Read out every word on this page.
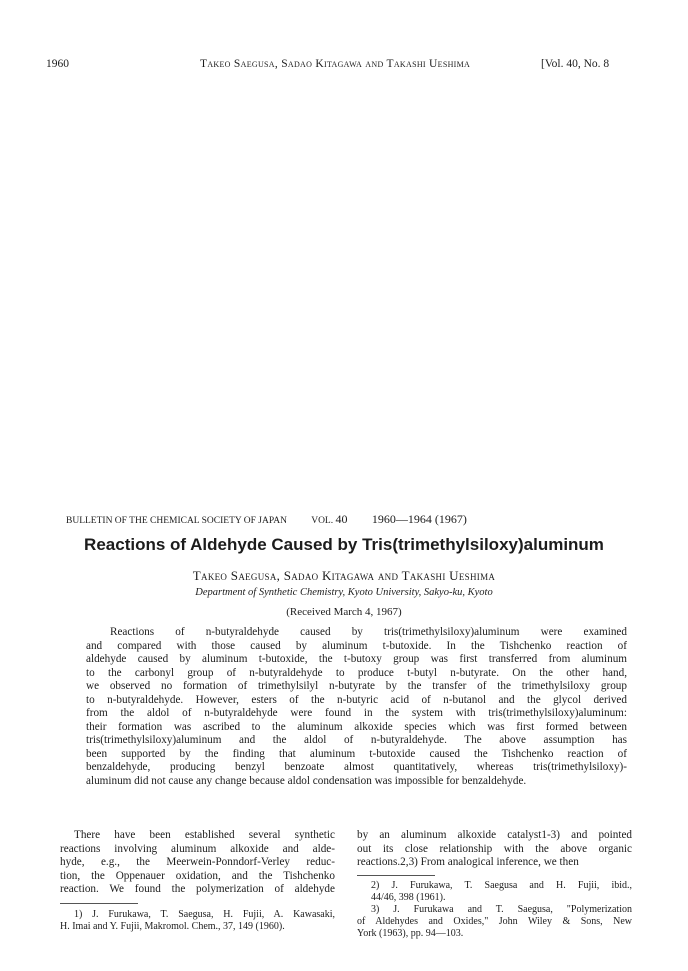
1960	Takeo Saegusa, Sadao Kitagawa and Takashi Ueshima	[Vol. 40, No. 8
BULLETIN OF THE CHEMICAL SOCIETY OF JAPAN	VOL. 40 1960—1964 (1967)
Reactions of Aldehyde Caused by Tris(trimethylsiloxy)aluminum
Takeo Saegusa, Sadao Kitagawa and Takashi Ueshima
Department of Synthetic Chemistry, Kyoto University, Sakyo-ku, Kyoto
(Received March 4, 1967)
Reactions of n-butyraldehyde caused by tris(trimethylsiloxy)aluminum were examined
and compared with those caused by aluminum t-butoxide. In the Tishchenko reaction of
aldehyde caused by aluminum t-butoxide, the t-butoxy group was first transferred from aluminum
to the carbonyl group of n-butyraldehyde to produce t-butyl n-butyrate. On the other hand,
we observed no formation of trimethylsilyl n-butyrate by the transfer of the trimethylsiloxy group
to n-butyraldehyde. However, esters of the n-butyric acid of n-butanol and the glycol derived
from the aldol of n-butyraldehyde were found in the system with tris(trimethylsiloxy)aluminum:
their formation was ascribed to the aluminum alkoxide species which was first formed between
tris(trimethylsiloxy)aluminum and the aldol of n-butyraldehyde. The above assumption has
been supported by the finding that aluminum t-butoxide caused the Tishchenko reaction of
benzaldehyde, producing benzyl benzoate almost quantitatively, whereas tris(trimethylsiloxy)-
aluminum did not cause any change because aldol condensation was impossible for benzaldehyde.
There have been established several synthetic
reactions involving aluminum alkoxide and alde-
hyde, e.g., the Meerwein-Ponndorf-Verley reduc-
tion, the Oppenauer oxidation, and the Tishchenko
reaction. We found the polymerization of aldehyde
1) J. Furukawa, T. Saegusa, H. Fujii, A. Kawasaki,
H. Imai and Y. Fujii, Makromol. Chem., 37, 149 (1960).
by an aluminum alkoxide catalyst1-3) and pointed
out its close relationship with the above organic
reactions.2,3) From analogical inference, we then
2) J. Furukawa, T. Saegusa and H. Fujii, ibid.,
44/46, 398 (1961).
3) J. Furukawa and T. Saegusa, "Polymerization
of Aldehydes and Oxides," John Wiley & Sons, New
York (1963), pp. 94—103.
